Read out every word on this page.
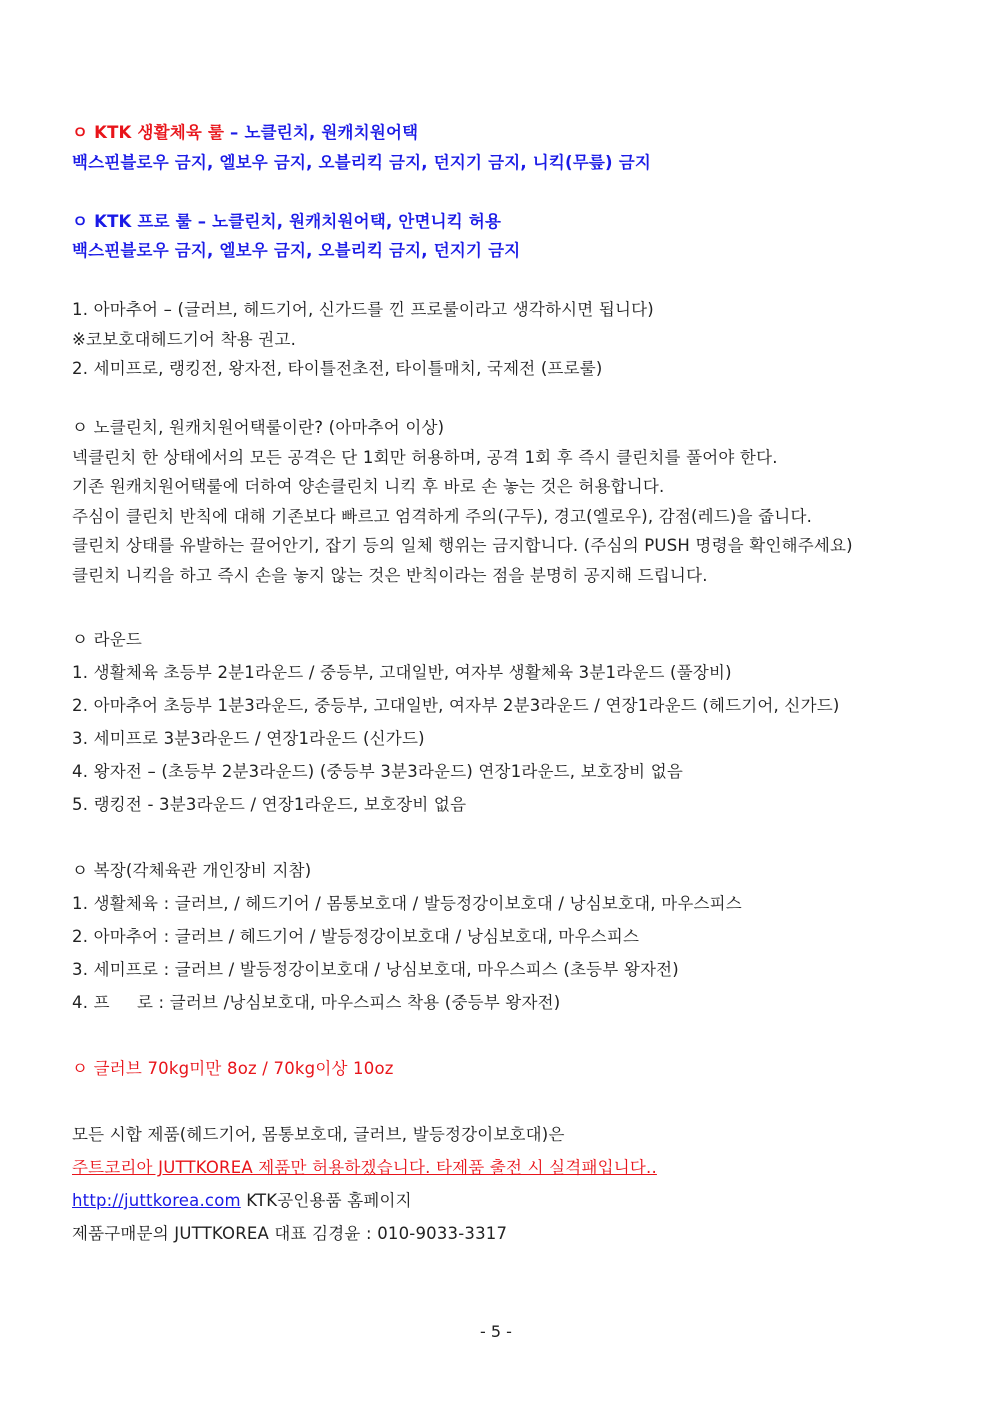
ㅇ KTK 생활체육 룰 – 노클린치, 원캐치원어택
백스핀블로우 금지, 엘보우 금지, 오블리킥 금지, 던지기 금지, 니킥(무릎) 금지
ㅇ KTK 프로 룰 – 노클린치, 원캐치원어택, 안면니킥 허용
백스핀블로우 금지, 엘보우 금지, 오블리킥 금지, 던지기 금지
1. 아마추어 – (글러브, 헤드기어, 신가드를 낀 프로룰이라고 생각하시면 됩니다)
※코보호대헤드기어 착용 권고.
2. 세미프로, 랭킹전, 왕자전, 타이틀전초전, 타이틀매치, 국제전 (프로룰)
ㅇ 노클린치, 원캐치원어택룰이란? (아마추어 이상)
넥클린치 한 상태에서의 모든 공격은 단 1회만 허용하며, 공격 1회 후 즉시 클린치를 풀어야 한다.
기존 원캐치원어택룰에 더하여 양손클린치 니킥 후 바로 손 놓는 것은 허용합니다.
주심이 클린치 반칙에 대해 기존보다 빠르고 엄격하게 주의(구두), 경고(엘로우), 감점(레드)을 줍니다.
클린치 상태를 유발하는 끌어안기, 잡기 등의 일체 행위는 금지합니다. (주심의 PUSH 명령을 확인해주세요)
클린치 니킥을 하고 즉시 손을 놓지 않는 것은 반칙이라는 점을 분명히 공지해 드립니다.
ㅇ 라운드
1. 생활체육 초등부 2분1라운드 / 중등부, 고대일반, 여자부 생활체육 3분1라운드 (풀장비)
2. 아마추어 초등부 1분3라운드, 중등부, 고대일반, 여자부 2분3라운드 / 연장1라운드 (헤드기어, 신가드)
3. 세미프로 3분3라운드 / 연장1라운드 (신가드)
4. 왕자전 – (초등부 2분3라운드) (중등부 3분3라운드) 연장1라운드, 보호장비 없음
5. 랭킹전 - 3분3라운드 / 연장1라운드, 보호장비 없음
ㅇ 복장(각체육관 개인장비 지참)
1. 생활체육 : 글러브, / 헤드기어 / 몸통보호대 / 발등정강이보호대 / 낭심보호대, 마우스피스
2. 아마추어 : 글러브 / 헤드기어 / 발등정강이보호대 / 낭심보호대, 마우스피스
3. 세미프로 : 글러브 / 발등정강이보호대 / 낭심보호대, 마우스피스 (초등부 왕자전)
4. 프     로 : 글러브 /낭심보호대, 마우스피스 착용 (중등부 왕자전)
ㅇ 글러브 70kg미만 8oz / 70kg이상 10oz
모든 시합 제품(헤드기어, 몸통보호대, 글러브, 발등정강이보호대)은
주트코리아 JUTTKOREA 제품만 허용하겠습니다. 타제품 출전 시 실격패입니다..
http://juttkorea.com KTK공인용품 홈페이지
제품구매문의 JUTTKOREA 대표 김경윤 : 010-9033-3317
- 5 -
